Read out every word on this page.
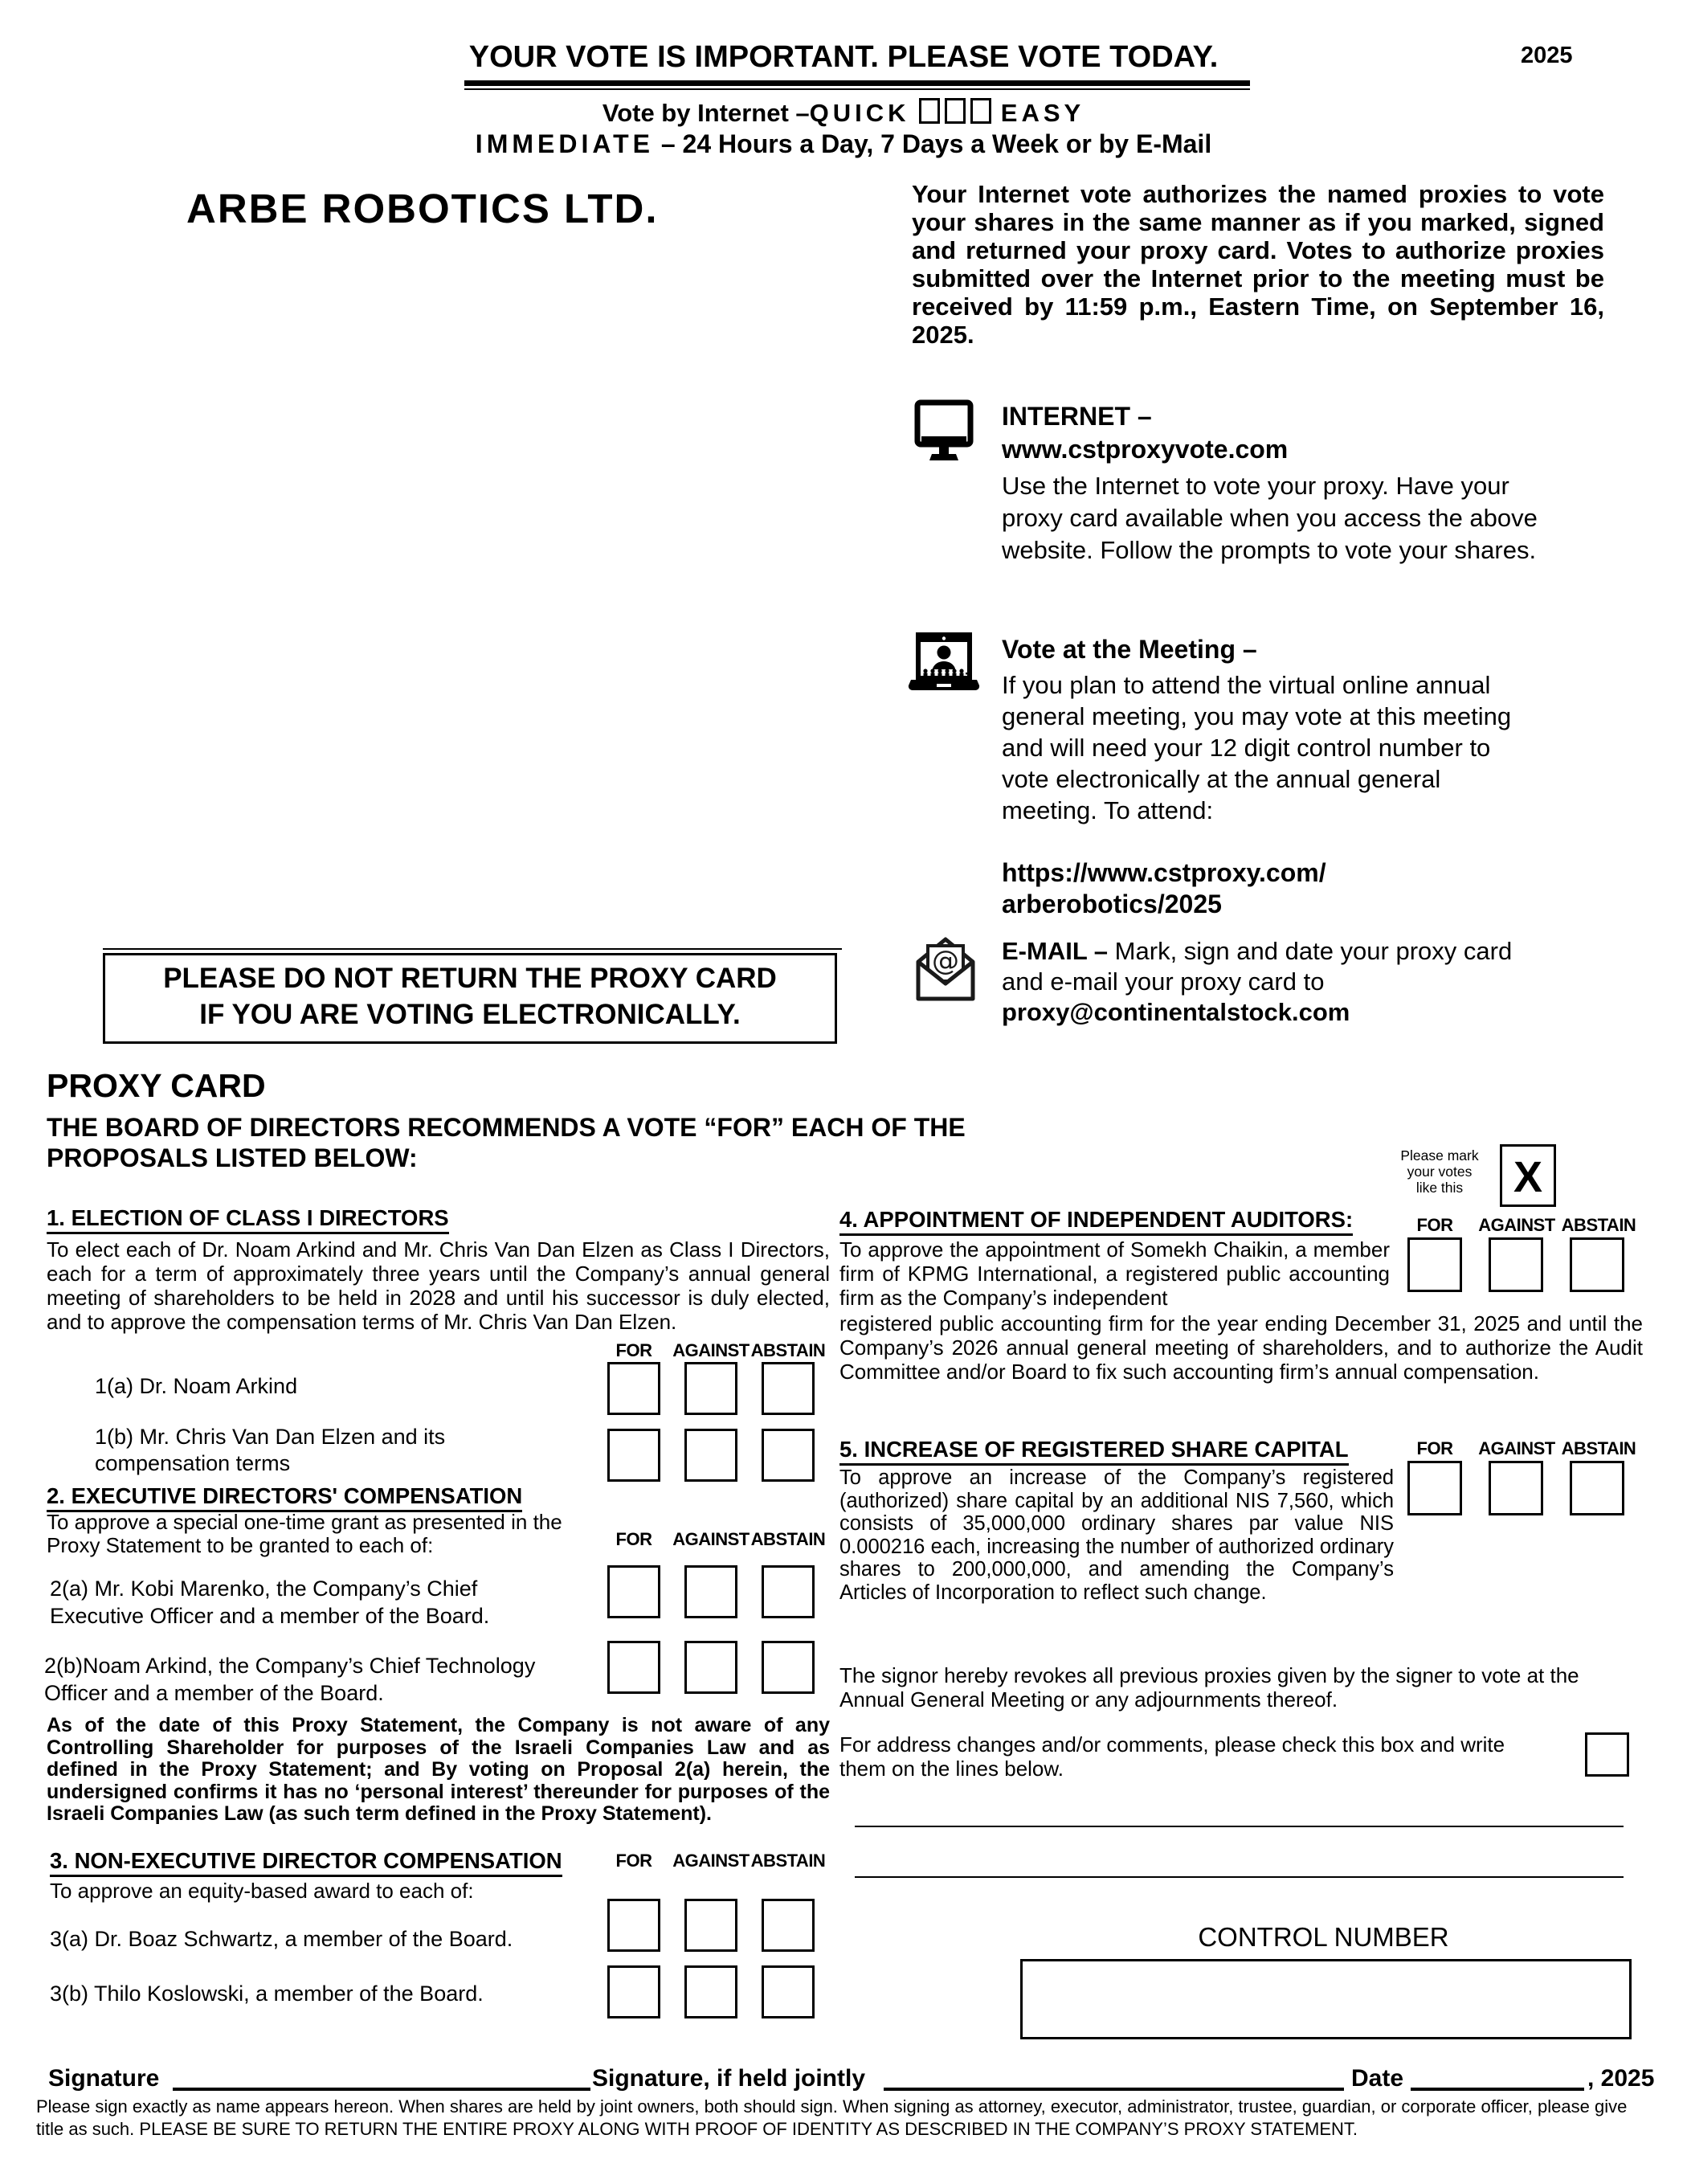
YOUR VOTE IS IMPORTANT. PLEASE VOTE TODAY.	2025
Vote by Internet –QUICK	EASY
IMMEDIATE – 24 Hours a Day, 7 Days a Week or by E-Mail
ARBE ROBOTICS LTD.	Your Internet vote authorizes the named proxies to vote your shares in the same manner as if you marked, signed and returned your proxy card. Votes to authorize proxies submitted over the Internet prior to the meeting must be received by 11:59 p.m., Eastern Time, on September 16, 2025.
INTERNET –
www.cstproxyvote.com
Use the Internet to vote your proxy. Have your proxy card available when you access the above website. Follow the prompts to vote your shares.
Vote at the Meeting –
If you plan to attend the virtual online annual general meeting, you may vote at this meeting and will need your 12 digit control number to vote electronically at the annual general meeting. To attend:
https://www.cstproxy.com/
arberobotics/2025
@ E-MAIL – Mark, sign and date your proxy card
and e-mail your proxy card to
proxy@continentalstock.com
PLEASE DO NOT RETURN THE PROXY CARD
IF YOU ARE VOTING ELECTRONICALLY.
PROXY CARD
THE BOARD OF DIRECTORS RECOMMENDS A VOTE “FOR” EACH OF THE PROPOSALS LISTED BELOW:	Please mark
your votes
like this	X
1. ELECTION OF CLASS I DIRECTORS
To elect each of Dr. Noam Arkind and Mr. Chris Van Dan Elzen as Class I Directors, each for a term of approximately three years until the Company’s annual general meeting of shareholders to be held in 2028 and until his successor is duly elected, and to approve the compensation terms of Mr. Chris Van Dan Elzen.
FOR	AGAINST ABSTAIN
1(a) Dr. Noam Arkind
1(b) Mr. Chris Van Dan Elzen and its compensation terms
2. EXECUTIVE DIRECTORS' COMPENSATION
To approve a special one-time grant as presented in the Proxy Statement to be granted to each of:	FOR	AGAINST ABSTAIN
2(a) Mr. Kobi Marenko, the Company’s Chief Executive Officer and a member of the Board.
2(b)Noam Arkind, the Company’s Chief Technology Officer and a member of the Board.
As of the date of this Proxy Statement, the Company is not aware of any Controlling Shareholder for purposes of the Israeli Companies Law and as defined in the Proxy Statement; and By voting on Proposal 2(a) herein, the undersigned confirms it has no ‘personal interest’ thereunder for purposes of the Israeli Companies Law (as such term defined in the Proxy Statement).
3. NON-EXECUTIVE DIRECTOR COMPENSATION	FOR	AGAINST ABSTAIN
To approve an equity-based award to each of:
3(a) Dr. Boaz Schwartz, a member of the Board.
3(b) Thilo Koslowski, a member of the Board.
4. APPOINTMENT OF INDEPENDENT AUDITORS:	FOR	AGAINST ABSTAIN
To approve the appointment of Somekh Chaikin, a member firm of KPMG International, a registered public accounting firm as the Company’s independent
registered public accounting firm for the year ending December 31, 2025 and until the Company’s 2026 annual general meeting of shareholders, and to authorize the Audit Committee and/or Board to fix such accounting firm’s annual compensation.
5. INCREASE OF REGISTERED SHARE CAPITAL	FOR	AGAINST ABSTAIN
To approve an increase of the Company’s registered (authorized) share capital by an additional NIS 7,560, which consists of 35,000,000 ordinary shares par value NIS 0.000216 each, increasing the number of authorized ordinary shares to 200,000,000, and amending the Company’s Articles of Incorporation to reflect such change.
The signor hereby revokes all previous proxies given by the signer to vote at the Annual General Meeting or any adjournments thereof.
For address changes and/or comments, please check this box and write them on the lines below.
CONTROL NUMBER
Signature	Signature, if held jointly	Date	, 2025
Please sign exactly as name appears hereon. When shares are held by joint owners, both should sign. When signing as attorney, executor, administrator, trustee, guardian, or corporate officer, please give title as such. PLEASE BE SURE TO RETURN THE ENTIRE PROXY ALONG WITH PROOF OF IDENTITY AS DESCRIBED IN THE COMPANY’S PROXY STATEMENT.
